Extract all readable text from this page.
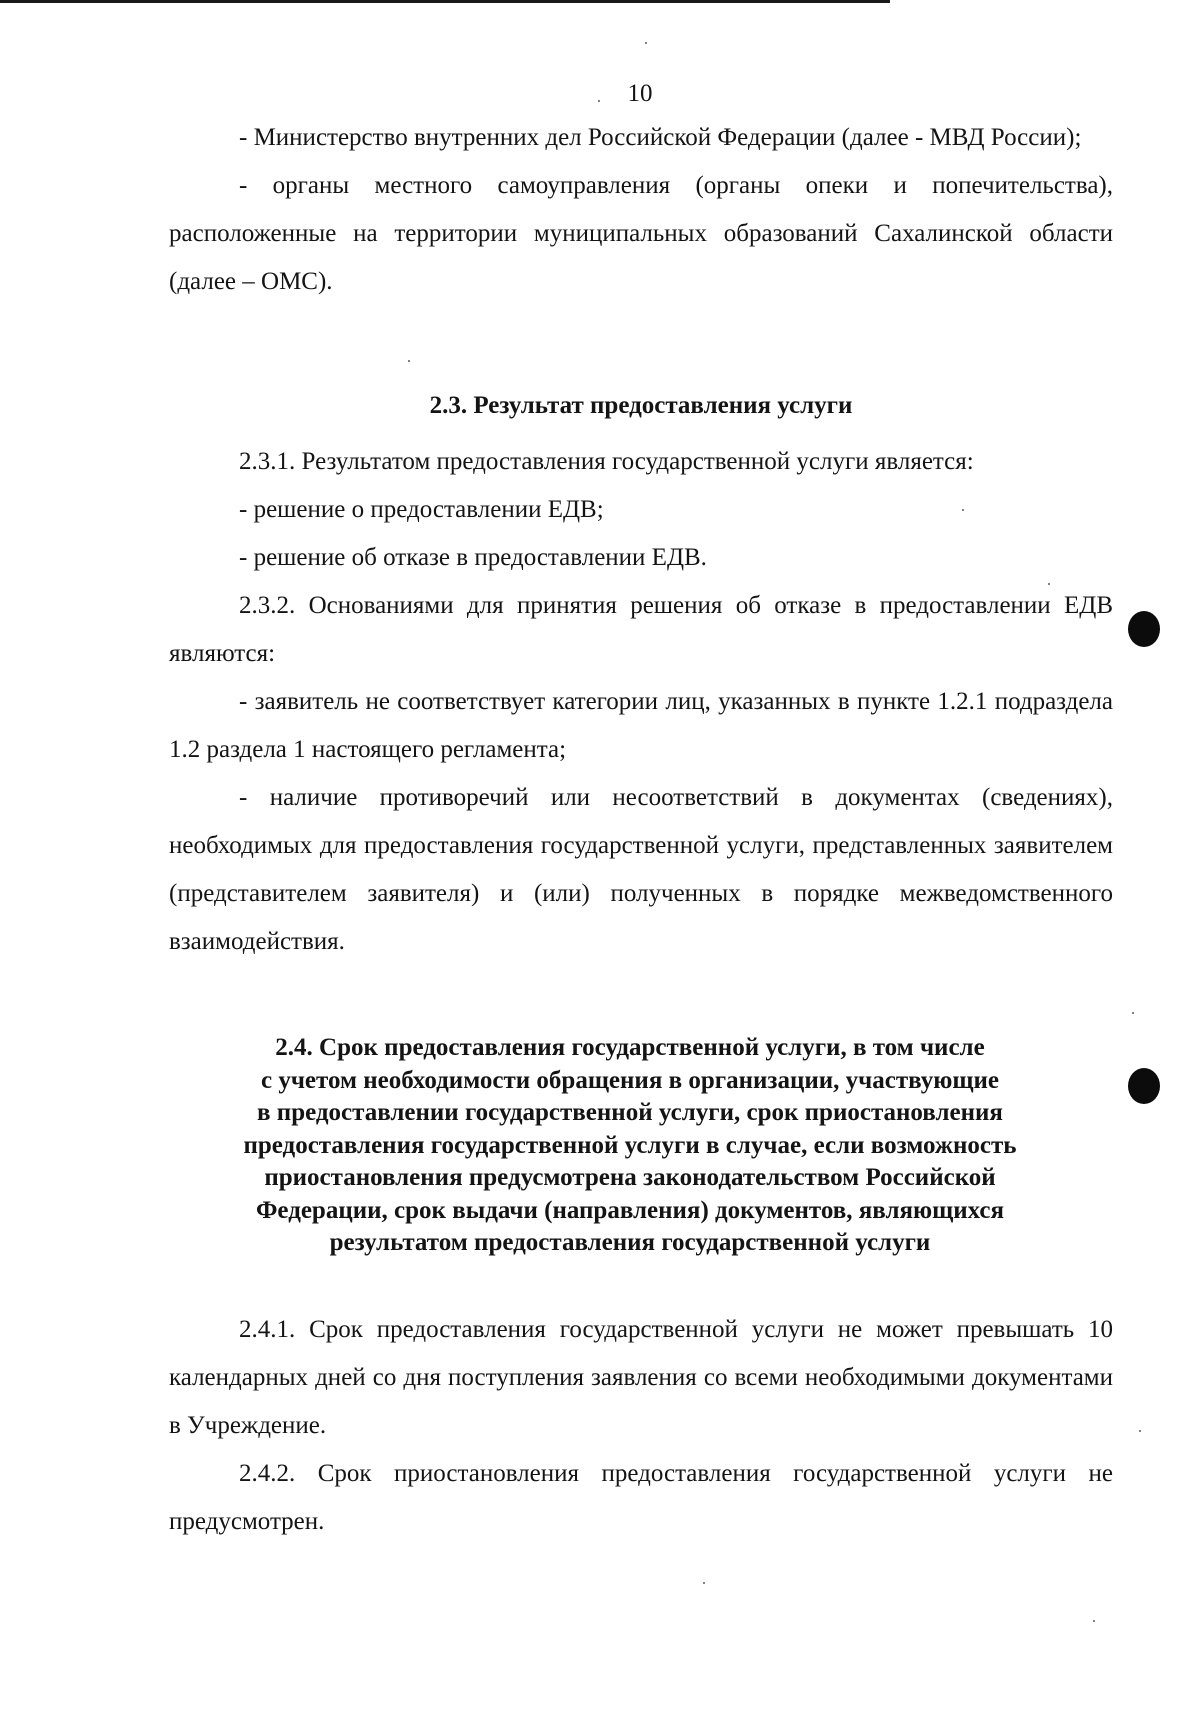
10

- Министерство внутренних дел Российской Федерации (далее - МВД России);

- органы местного самоуправления (органы опеки и попечительства), расположенные на территории муниципальных образований Сахалинской области (далее – ОМС).

2.3. Результат предоставления услуги

2.3.1. Результатом предоставления государственной услуги является:

- решение о предоставлении ЕДВ;

- решение об отказе в предоставлении ЕДВ.

2.3.2. Основаниями для принятия решения об отказе в предоставлении ЕДВ являются:

- заявитель не соответствует категории лиц, указанных в пункте 1.2.1 подраздела 1.2 раздела 1 настоящего регламента;

- наличие противоречий или несоответствий в документах (сведениях), необходимых для предоставления государственной услуги, представленных заявителем (представителем заявителя) и (или) полученных в порядке межведомственного взаимодействия.

2.4. Срок предоставления государственной услуги, в том числе

с учетом необходимости обращения в организации, участвующие

в предоставлении государственной услуги, срок приостановления

предоставления государственной услуги в случае, если возможность

приостановления предусмотрена законодательством Российской

Федерации, срок выдачи (направления) документов, являющихся

результатом предоставления государственной услуги

2.4.1. Срок предоставления государственной услуги не может превышать 10 календарных дней со дня поступления заявления со всеми необходимыми документами в Учреждение.

2.4.2. Срок приостановления предоставления государственной услуги не предусмотрен.
